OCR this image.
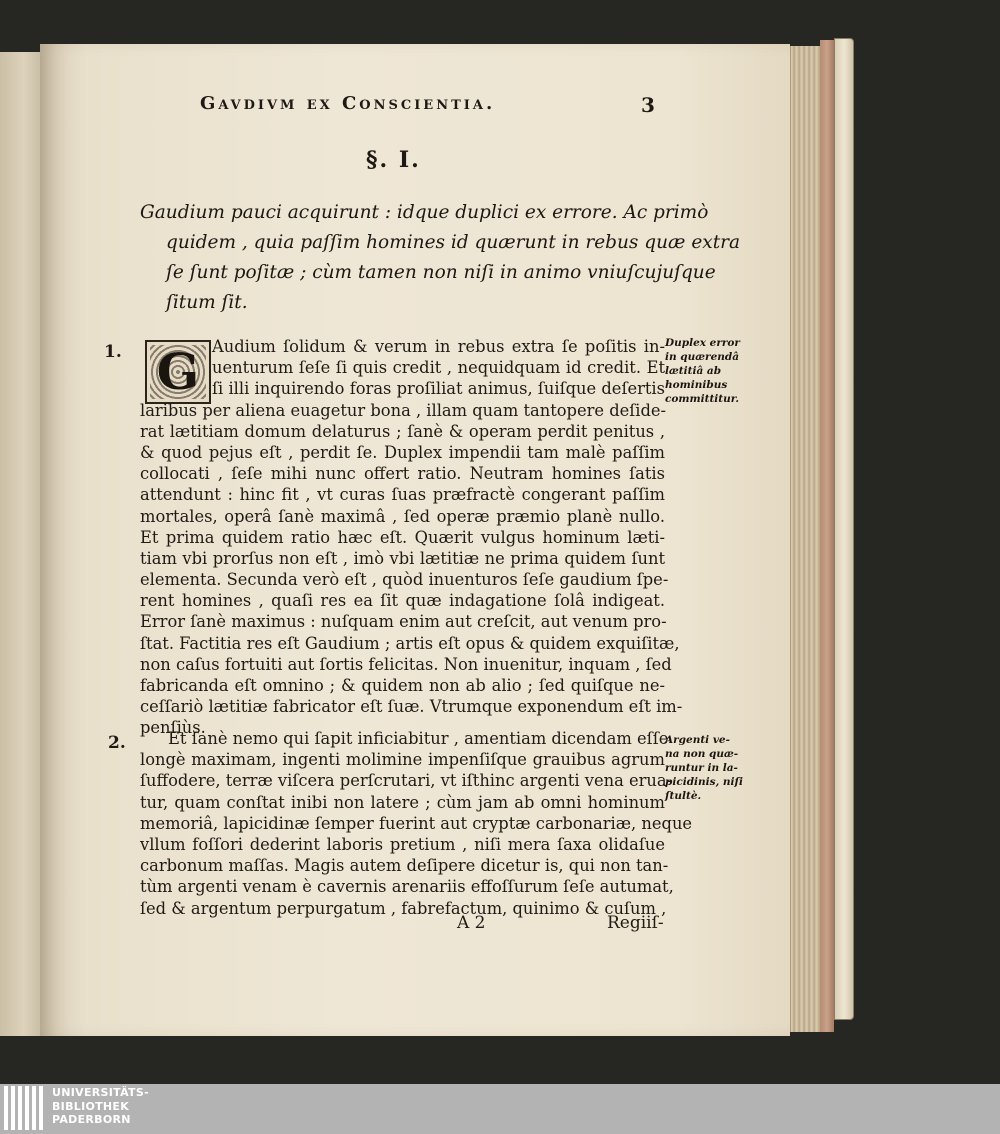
Gavdivm ex Conscientia.	3
§. I.
Gaudium pauci acquirunt : idque duplici ex errore. Ac primò
quidem , quia paſſim homines id quærunt in rebus quæ extra
ſe ſunt poſitæ ; cùm tamen non niſi in animo vniuſcujuſque
ſitum ſit.
1.
2.
G Audium ſolidum & verum in rebus extra ſe poſitis in-
uenturum ſeſe ſi quis credit , nequidquam id credit. Et
ſi illi inquirendo foras proſiliat animus, ſuiſque deſertis
laribus per aliena euagetur bona , illam quam tantopere deſide-
rat lætitiam domum delaturus ; ſanè & operam perdit penitus ,
& quod pejus eſt , perdit ſe. Duplex impendii tam malè paſſim
collocati , ſeſe mihi nunc offert ratio. Neutram homines ſatis
attendunt : hinc fit , vt curas ſuas præfractè congerant paſſim
mortales, operâ ſanè maximâ , ſed operæ præmio planè nullo.
Et prima quidem ratio hæc eſt. Quærit vulgus hominum læti-
tiam vbi prorſus non eſt , imò vbi lætitiæ ne prima quidem ſunt
elementa. Secunda verò eſt , quòd inuenturos ſeſe gaudium ſpe-
rent homines , quaſi res ea ſit quæ indagatione ſolâ indigeat.
Error ſanè maximus : nuſquam enim aut creſcit, aut venum pro-
ſtat. Factitia res eſt Gaudium ; artis eſt opus & quidem exquiſitæ,
non caſus fortuiti aut ſortis felicitas. Non inuenitur, inquam , ſed
fabricanda eſt omnino ; & quidem non ab alio ; ſed quiſque ne-
ceſſariò lætitiæ fabricator eſt ſuæ. Vtrumque exponendum eſt im-
penſiùs.
Et ſanè nemo qui ſapit inficiabitur , amentiam dicendam eſſe
longè maximam, ingenti molimine impenſiſque grauibus agrum
ſuffodere, terræ viſcera perſcrutari, vt iſthinc argenti vena erua-
tur, quam conſtat inibi non latere ; cùm jam ab omni hominum
memoriâ, lapicidinæ ſemper fuerint aut cryptæ carbonariæ, neque
vllum foſſori dederint laboris pretium , niſi mera ſaxa olidaſue
carbonum maſſas. Magis autem deſipere dicetur is, qui non tan-
tùm argenti venam è cavernis arenariis effoſſurum ſeſe autumat,
ſed & argentum perpurgatum , fabrefactum, quinimo & cuſum ,
Duplex error
in quærendâ
lætitiâ ab
hominibus
committitur.
Argenti ve-
na non quæ-
runtur in la-
picidinis, niſi
ſtultè.
A 2	Regiiſ-
UNIVERSITÄTS-
BIBLIOTHEK
PADERBORN
